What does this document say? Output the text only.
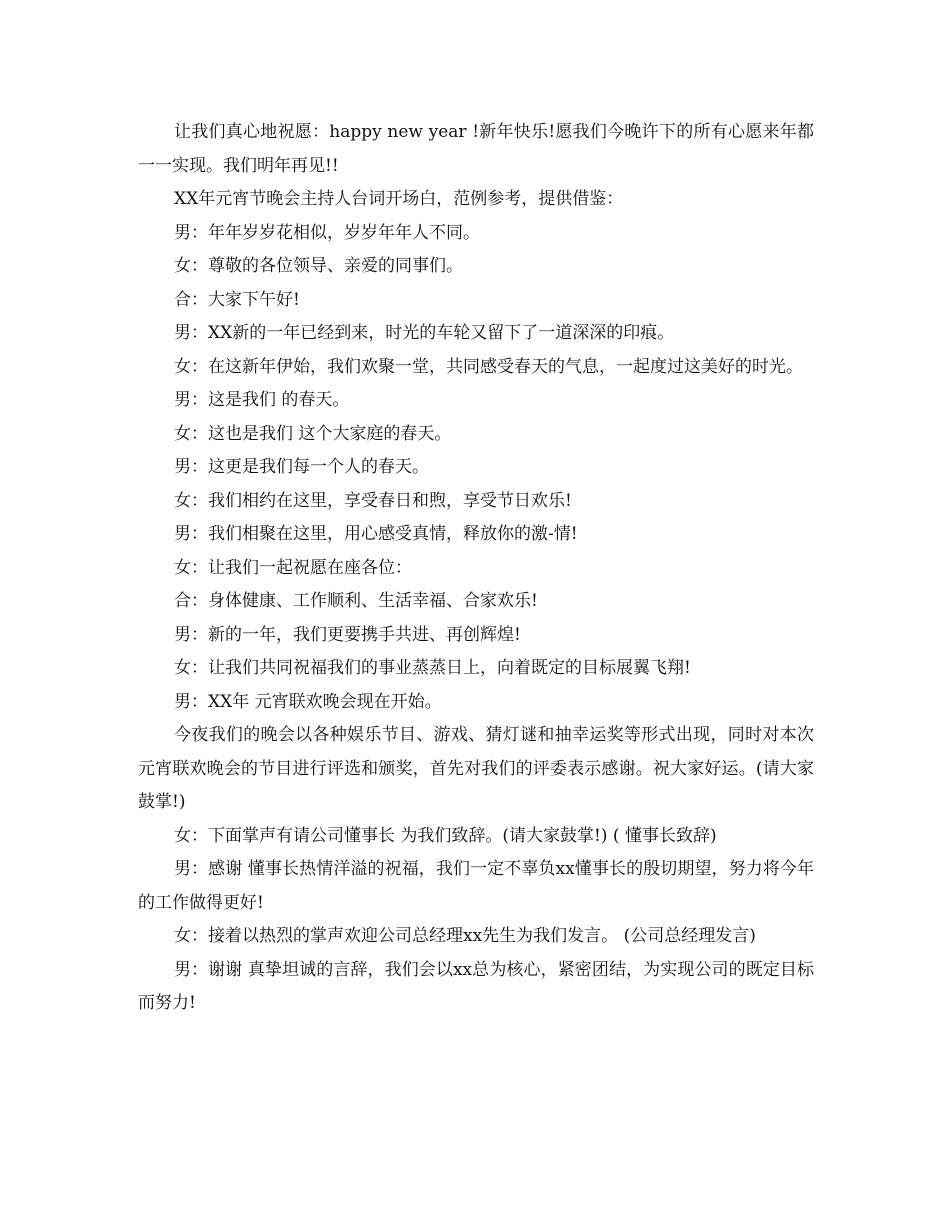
让我们真心地祝愿：happy new year !新年快乐!愿我们今晚许下的所有心愿来年都一一实现。我们明年再见!!

XX年元宵节晚会主持人台词开场白，范例参考，提供借鉴：

男：年年岁岁花相似，岁岁年年人不同。

女：尊敬的各位领导、亲爱的同事们。

合：大家下午好!

男：XX新的一年已经到来，时光的车轮又留下了一道深深的印痕。

女：在这新年伊始，我们欢聚一堂，共同感受春天的气息，一起度过这美好的时光。

男：这是我们 的春天。

女：这也是我们 这个大家庭的春天。

男：这更是我们每一个人的春天。

女：我们相约在这里，享受春日和煦，享受节日欢乐!

男：我们相聚在这里，用心感受真情，释放你的激-情!

女：让我们一起祝愿在座各位：

合：身体健康、工作顺利、生活幸福、合家欢乐!

男：新的一年，我们更要携手共进、再创辉煌!

女：让我们共同祝福我们的事业蒸蒸日上，向着既定的目标展翼飞翔!

男：XX年 元宵联欢晚会现在开始。

今夜我们的晚会以各种娱乐节目、游戏、猜灯谜和抽幸运奖等形式出现，同时对本次元宵联欢晚会的节目进行评选和颁奖，首先对我们的评委表示感谢。祝大家好运。(请大家鼓掌!)

女：下面掌声有请公司懂事长 为我们致辞。(请大家鼓掌!) ( 懂事长致辞)

男：感谢 懂事长热情洋溢的祝福，我们一定不辜负xx懂事长的殷切期望，努力将今年的工作做得更好!

女：接着以热烈的掌声欢迎公司总经理xx先生为我们发言。 (公司总经理发言)

男：谢谢 真挚坦诚的言辞，我们会以xx总为核心，紧密团结，为实现公司的既定目标而努力!
